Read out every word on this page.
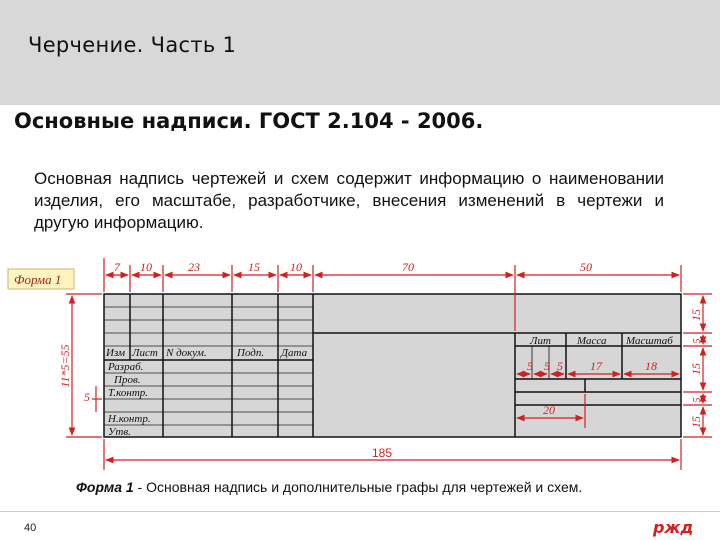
Черчение. Часть 1
Основные надписи. ГОСТ 2.104 - 2006.
Основная надпись чертежей и схем содержит информацию о наименовании изделия, его масштабе, разработчике, внесения изменений в чертежи и другую информацию.
Форма 1
Изм Лист N докум.	Подп. Дата
Разраб.
Пров.
Т.контр.
Н.контр.
Утв.
Лит Масса Масштаб
7 10	23	15	10	70	50
5 5 5 17	18
20
5
15
5
15
5
15
11*5=55
185
Форма 1 - Основная надпись и дополнительные графы для чертежей и схем.
40	ржд
